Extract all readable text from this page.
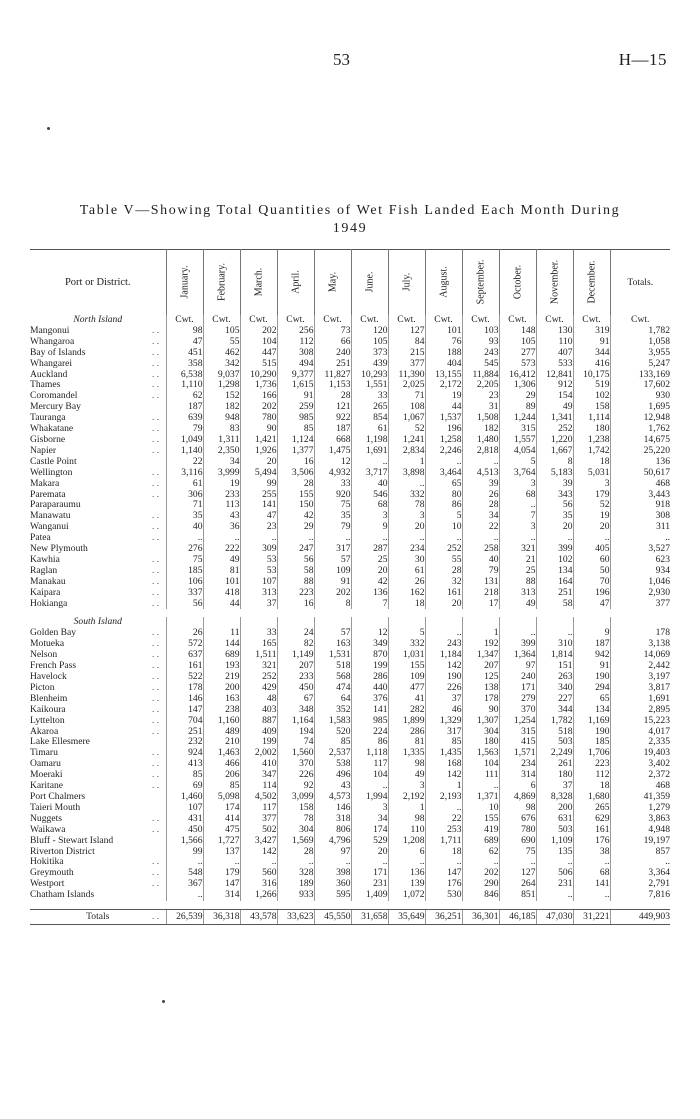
53	H—15
Table V—Showing Total Quantities of Wet Fish Landed Each Month During
1949
Port or District.	January.	February.	March.	April.	May.	June.	July.	August.	September.	October.	November.	December.	Totals.
North Island	Cwt.	Cwt.	Cwt.	Cwt.	Cwt.	Cwt.	Cwt.	Cwt.	Cwt.	Cwt.	Cwt.	Cwt.	Cwt.
Mangonui . .	98	105	202	256	73	120	127	101	103	148	130	319	1,782
Whangaroa . .	47	55	104	112	66	105	84	76	93	105	110	91	1,058
Bay of Islands . .	451	462	447	308	240	373	215	188	243	277	407	344	3,955
Whangarei . .	358	342	515	494	251	439	377	404	545	573	533	416	5,247
Auckland . .	6,538	9,037	10,290	9,377	11,827	10,293	11,390	13,155	11,884	16,412	12,841	10,175	133,169
Thames . .	1,110	1,298	1,736	1,615	1,153	1,551	2,025	2,172	2,205	1,306	912	519	17,602
Coromandel . .	62	152	166	91	28	33	71	19	23	29	154	102	930
Mercury Bay	187	182	202	259	121	265	108	44	31	89	49	158	1,695
Tauranga . .	639	948	780	985	922	854	1,067	1,537	1,508	1,244	1,341	1,114	12,948
Whakatane . .	79	83	90	85	187	61	52	196	182	315	252	180	1,762
Gisborne . .	1,049	1,311	1,421	1,124	668	1,198	1,241	1,258	1,480	1,557	1,220	1,238	14,675
Napier . .	1,140	2,350	1,926	1,377	1,475	1,691	2,834	2,246	2,818	4,054	1,667	1,742	25,220
Castle Point	22	34	20	16	12	..	1	..	..	5	8	18	136
Wellington . .	3,116	3,999	5,494	3,506	4,932	3,717	3,898	3,464	4,513	3,764	5,183	5,031	50,617
Makara . .	61	19	99	28	33	40	..	65	39	3	39	3	468
Paremata . .	306	233	255	155	920	546	332	80	26	68	343	179	3,443
Paraparaumu	71	113	141	150	75	68	78	86	28	..	56	52	918
Manawatu . .	35	43	47	42	35	3	3	5	34	7	35	19	308
Wanganui . .	40	36	23	29	79	9	20	10	22	3	20	20	311
Patea . .	..	..	..	..	..	..	..	..	..	..	..	..	..
New Plymouth	276	222	309	247	317	287	234	252	258	321	399	405	3,527
Kawhia . .	75	49	53	56	57	25	30	55	40	21	102	60	623
Raglan . .	185	81	53	58	109	20	61	28	79	25	134	50	934
Manakau . .	106	101	107	88	91	42	26	32	131	88	164	70	1,046
Kaipara . .	337	418	313	223	202	136	162	161	218	313	251	196	2,930
Hokianga . .	56	44	37	16	8	7	18	20	17	49	58	47	377

South Island													
Golden Bay . .	26	11	33	24	57	12	5	..	1	..	..	9	178
Motueka . .	572	144	165	82	163	349	332	243	192	399	310	187	3,138
Nelson . .	637	689	1,511	1,149	1,531	870	1,031	1,184	1,347	1,364	1,814	942	14,069
French Pass . .	161	193	321	207	518	199	155	142	207	97	151	91	2,442
Havelock . .	522	219	252	233	568	286	109	190	125	240	263	190	3,197
Picton . .	178	200	429	450	474	440	477	226	138	171	340	294	3,817
Blenheim . .	146	163	48	67	64	376	41	37	178	279	227	65	1,691
Kaikoura . .	147	238	403	348	352	141	282	46	90	370	344	134	2,895
Lyttelton . .	704	1,160	887	1,164	1,583	985	1,899	1,329	1,307	1,254	1,782	1,169	15,223
Akaroa . .	251	489	409	194	520	224	286	317	304	315	518	190	4,017
Lake Ellesmere	232	210	199	74	85	86	81	85	180	415	503	185	2,335
Timaru . .	924	1,463	2,002	1,560	2,537	1,118	1,335	1,435	1,563	1,571	2,249	1,706	19,403
Oamaru . .	413	466	410	370	538	117	98	168	104	234	261	223	3,402
Moeraki . .	85	206	347	226	496	104	49	142	111	314	180	112	2,372
Karitane . .	69	85	114	92	43	..	3	1	..	6	37	18	468
Port Chalmers	1,460	5,098	4,502	3,099	4,573	1,994	2,192	2,193	1,371	4,869	8,328	1,680	41,359
Taieri Mouth	107	174	117	158	146	3	1	..	10	98	200	265	1,279
Nuggets . .	431	414	377	78	318	34	98	22	155	676	631	629	3,863
Waikawa . .	450	475	502	304	806	174	110	253	419	780	503	161	4,948
Bluff - Stewart Island	1,566	1,727	3,427	1,569	4,796	529	1,208	1,711	689	690	1,109	176	19,197
Riverton District	99	137	142	28	97	20	6	18	62	75	135	38	857
Hokitika . .	..	..	..	..	..	..	..	..	..	..	..	..	..
Greymouth . .	548	179	560	328	398	171	136	147	202	127	506	68	3,364
Westport . .	367	147	316	189	360	231	139	176	290	264	231	141	2,791
Chatham Islands	..	314	1,266	933	595	1,409	1,072	530	846	851	..	..	7,816

Totals . .	26,539	36,318	43,578	33,623	45,550	31,658	35,649	36,251	36,301	46,185	47,030	31,221	449,903
